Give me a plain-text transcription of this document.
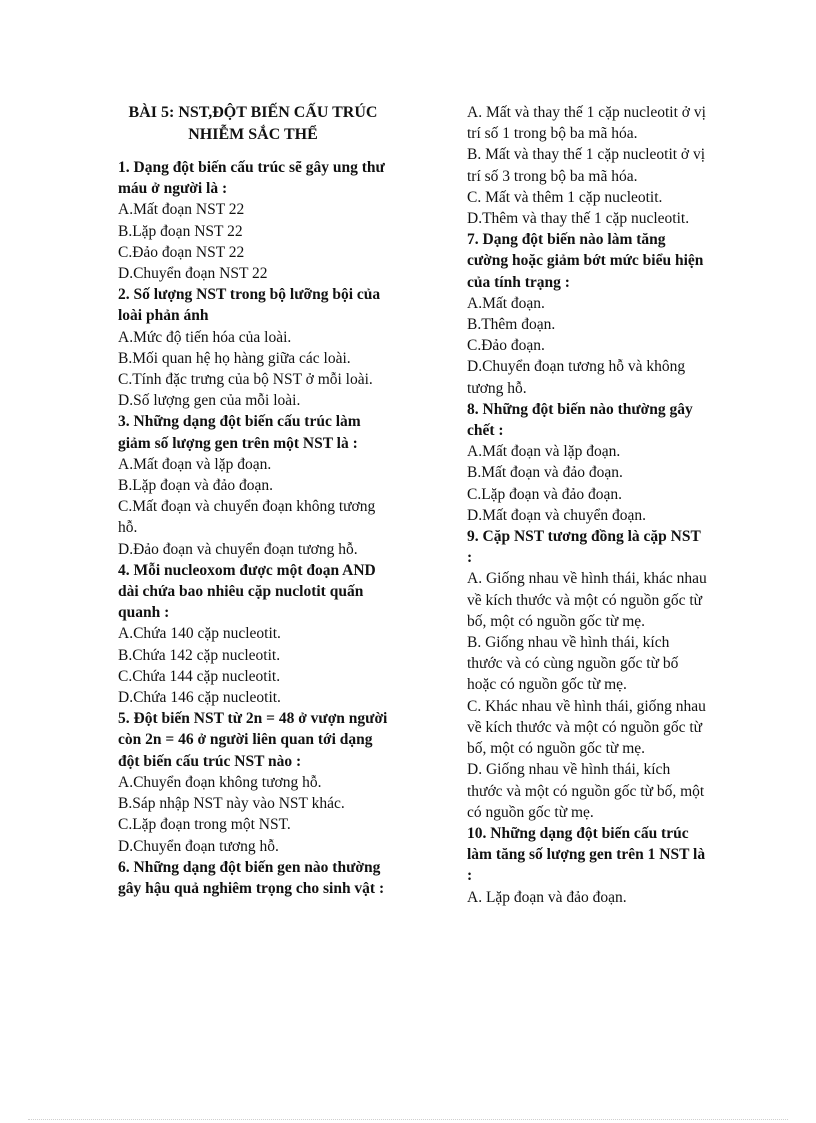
BÀI 5: NST,ĐỘT BIẾN CẤU TRÚC NHIỄM SẮC THỂ
1. Dạng đột biến cấu trúc sẽ gây ung thư máu ở người là :
A.Mất đoạn NST 22
B.Lặp đoạn NST 22
C.Đảo đoạn NST 22
D.Chuyển đoạn NST 22
2. Số lượng NST trong bộ lưỡng bội của loài phản ánh
A.Mức độ tiến hóa của loài.
B.Mối quan hệ họ hàng giữa các loài.
C.Tính đặc trưng của bộ NST ở mỗi loài.
D.Số lượng gen của mỗi loài.
3. Những dạng đột biến cấu trúc làm giảm số lượng gen trên một NST là :
A.Mất đoạn và lặp đoạn.
B.Lặp đoạn và đảo đoạn.
C.Mất đoạn và chuyển đoạn không tương hỗ.
D.Đảo đoạn và chuyển đoạn tương hỗ.
4. Mỗi nucleoxom được một đoạn AND dài chứa bao nhiêu cặp nuclotit quấn quanh :
A.Chứa 140 cặp nucleotit.
B.Chứa 142 cặp nucleotit.
C.Chứa 144 cặp nucleotit.
D.Chứa 146 cặp nucleotit.
5. Đột biến NST từ 2n = 48 ở vượn người còn 2n = 46 ở người liên quan tới dạng đột biến cấu trúc NST nào :
A.Chuyển đoạn không tương hỗ.
B.Sáp nhập NST này vào NST khác.
C.Lặp đoạn trong một NST.
D.Chuyển đoạn tương hỗ.
6. Những dạng đột biến gen nào thường gây hậu quả nghiêm trọng cho sinh vật :
A. Mất và thay thế 1 cặp nucleotit ở vị trí số 1 trong bộ ba mã hóa.
B. Mất và thay thế 1 cặp nucleotit ở vị trí số 3 trong bộ ba mã hóa.
C. Mất và thêm 1 cặp nucleotit.
D.Thêm và thay thế 1 cặp nucleotit.
7. Dạng đột biến nào làm tăng cường hoặc giảm bớt mức biểu hiện của tính trạng :
A.Mất đoạn.
B.Thêm đoạn.
C.Đảo đoạn.
D.Chuyển đoạn tương hỗ và không tương hỗ.
8. Những đột biến nào thường gây chết :
A.Mất đoạn và lặp đoạn.
B.Mất đoạn và đảo đoạn.
C.Lặp đoạn và đảo đoạn.
D.Mất đoạn và chuyển đoạn.
9. Cặp NST tương đồng là cặp NST :
A. Giống nhau về hình thái, khác nhau về kích thước và một có nguồn gốc từ bố, một có nguồn gốc từ mẹ.
B. Giống nhau về hình thái, kích thước và có cùng nguồn gốc từ bố hoặc có nguồn gốc từ mẹ.
C. Khác nhau về hình thái, giống nhau về kích thước và một có nguồn gốc từ bố, một có nguồn gốc từ mẹ.
D. Giống nhau về hình thái, kích thước và một có nguồn gốc từ bố, một có nguồn gốc từ mẹ.
10. Những dạng đột biến cấu trúc làm tăng số lượng gen trên 1 NST là :
A. Lặp đoạn và đảo đoạn.
